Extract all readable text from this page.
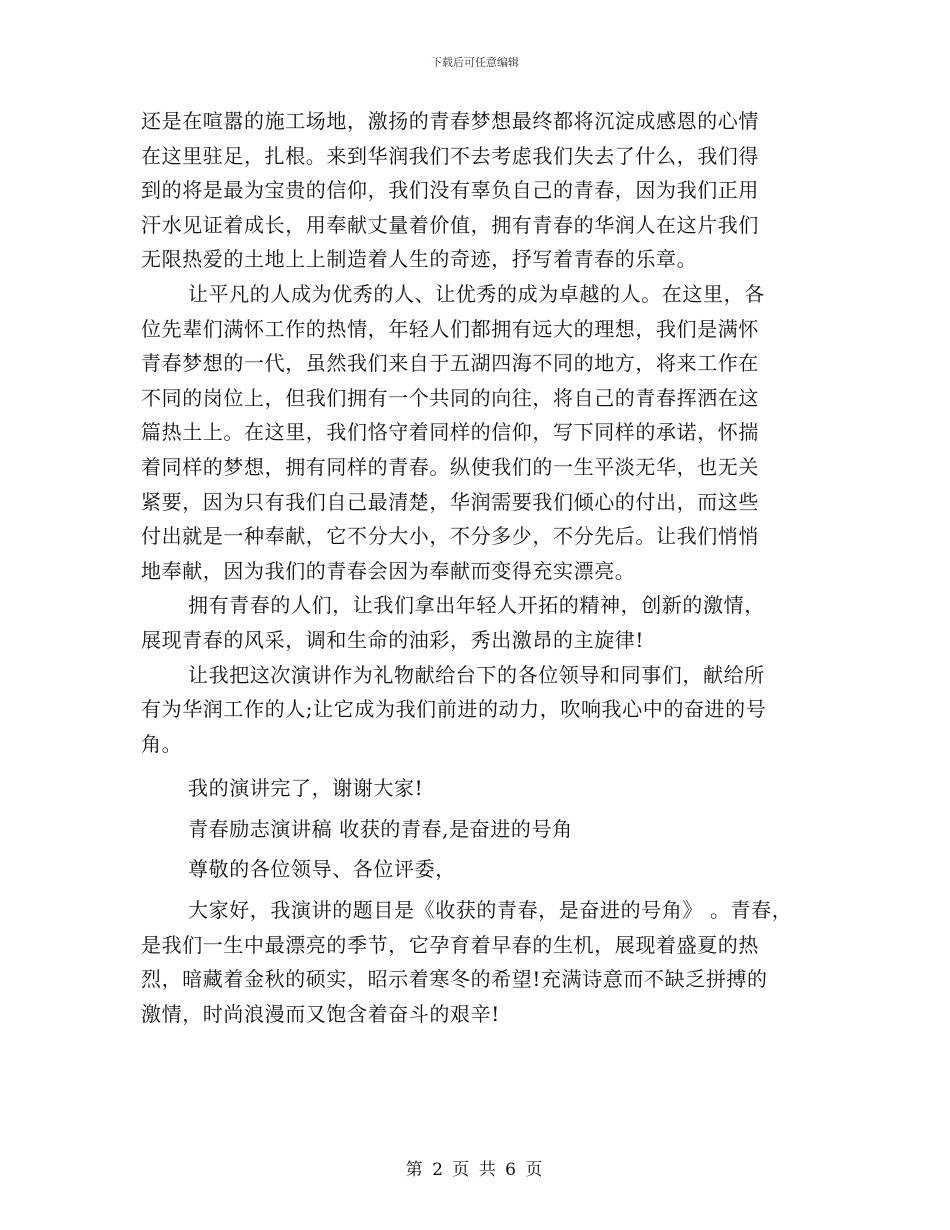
下载后可任意编辑
还是在喧嚣的施工场地，激扬的青春梦想最终都将沉淀成感恩的心情
在这里驻足，扎根。来到华润我们不去考虑我们失去了什么，我们得
到的将是最为宝贵的信仰，我们没有辜负自己的青春，因为我们正用
汗水见证着成长，用奉献丈量着价值，拥有青春的华润人在这片我们
无限热爱的土地上上制造着人生的奇迹，抒写着青春的乐章。
让平凡的人成为优秀的人、让优秀的成为卓越的人。在这里，各
位先辈们满怀工作的热情，年轻人们都拥有远大的理想，我们是满怀
青春梦想的一代，虽然我们来自于五湖四海不同的地方，将来工作在
不同的岗位上，但我们拥有一个共同的向往，将自己的青春挥洒在这
篇热土上。在这里，我们恪守着同样的信仰，写下同样的承诺，怀揣
着同样的梦想，拥有同样的青春。纵使我们的一生平淡无华，也无关
紧要，因为只有我们自己最清楚，华润需要我们倾心的付出，而这些
付出就是一种奉献，它不分大小，不分多少，不分先后。让我们悄悄
地奉献，因为我们的青春会因为奉献而变得充实漂亮。
拥有青春的人们，让我们拿出年轻人开拓的精神，创新的激情，
展现青春的风采，调和生命的油彩，秀出激昂的主旋律!
让我把这次演讲作为礼物献给台下的各位领导和同事们，献给所
有为华润工作的人;让它成为我们前进的动力，吹响我心中的奋进的号
角。
我的演讲完了，谢谢大家!
青春励志演讲稿 收获的青春,是奋进的号角
尊敬的各位领导、各位评委，
大家好，我演讲的题目是《收获的青春，是奋进的号角》 。青春，
是我们一生中最漂亮的季节，它孕育着早春的生机，展现着盛夏的热
烈，暗藏着金秋的硕实，昭示着寒冬的希望!充满诗意而不缺乏拼搏的
激情，时尚浪漫而又饱含着奋斗的艰辛!
第 2 页 共 6 页
